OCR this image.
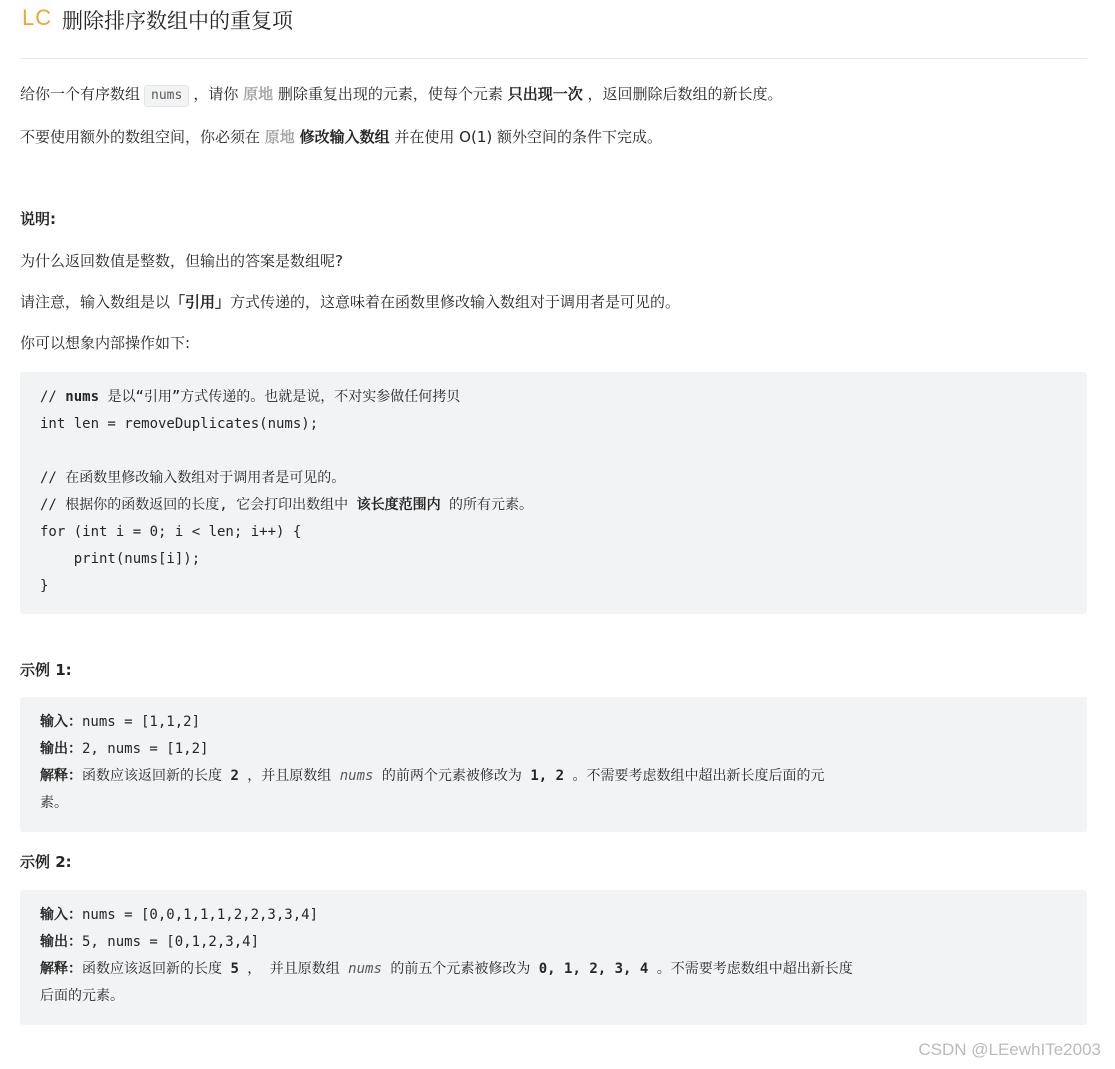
LC 删除排序数组中的重复项
给你一个有序数组 nums ，请你 原地 删除重复出现的元素，使每个元素 只出现一次 ，返回删除后数组的新长度。
不要使用额外的数组空间，你必须在 原地 修改输入数组 并在使用 O(1) 额外空间的条件下完成。
说明:
为什么返回数值是整数，但输出的答案是数组呢?
请注意，输入数组是以「引用」方式传递的，这意味着在函数里修改输入数组对于调用者是可见的。
你可以想象内部操作如下:
// nums 是以“引用”方式传递的。也就是说，不对实参做任何拷贝
int len = removeDuplicates(nums);
// 在函数里修改输入数组对于调用者是可见的。
// 根据你的函数返回的长度, 它会打印出数组中 该长度范围内 的所有元素。
for (int i = 0; i < len; i++) {
print(nums[i]);
}
示例 1:
输入：nums = [1,1,2]
输出：2, nums = [1,2]
解释：函数应该返回新的长度 2 ，并且原数组 nums 的前两个元素被修改为 1, 2 。不需要考虑数组中超出新长度后面的元
素。
示例 2:
输入：nums = [0,0,1,1,1,2,2,3,3,4]
输出：5, nums = [0,1,2,3,4]
解释：函数应该返回新的长度 5 ， 并且原数组 nums 的前五个元素被修改为 0, 1, 2, 3, 4 。不需要考虑数组中超出新长度
后面的元素。
CSDN @LEewhITe2003
